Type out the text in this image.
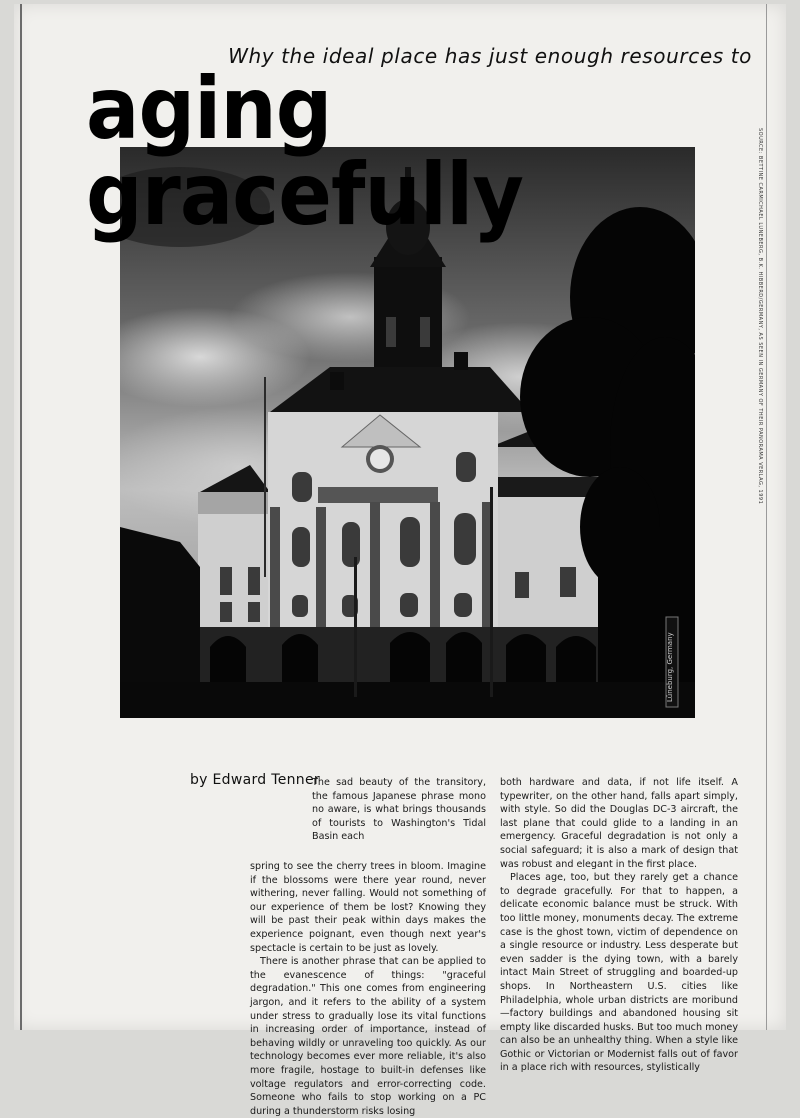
Why the ideal place has just enough resources to
aging gracefully	SOURCE: BETTINE CARMICHAEL LUNEBERG, B.K. HIBBERD/GERMANY, AS SEEN IN GERMANY OF THEIR PANORAMA VERLAG, 1991
Lüneburg, Germany
by Edward Tenner

The sad beauty of the transitory, the famous Japanese phrase mono no aware, is what brings thousands of tourists to Washington's Tidal Basin each

spring to see the cherry trees in bloom. Imagine if the blossoms were there year round, never withering, never falling. Would not something of our experience of them be lost? Knowing they will be past their peak within days makes the experience poignant, even though next year's spectacle is certain to be just as lovely.

There is another phrase that can be applied to the evanescence of things: "graceful degradation." This one comes from engineering jargon, and it refers to the ability of a system under stress to gradually lose its vital functions in increasing order of importance, instead of behaving wildly or unraveling too quickly. As our technology becomes ever more reliable, it's also more fragile, hostage to built-in defenses like voltage regulators and error-correcting code. Someone who fails to stop working on a PC during a thunderstorm risks losing

both hardware and data, if not life itself. A typewriter, on the other hand, falls apart simply, with style. So did the Douglas DC-3 aircraft, the last plane that could glide to a landing in an emergency. Graceful degradation is not only a social safeguard; it is also a mark of design that was robust and elegant in the first place.

Places age, too, but they rarely get a chance to degrade gracefully. For that to happen, a delicate economic balance must be struck. With too little money, monuments decay. The extreme case is the ghost town, victim of dependence on a single resource or industry. Less desperate but even sadder is the dying town, with a barely intact Main Street of struggling and boarded-up shops. In Northeastern U.S. cities like Philadelphia, whole urban districts are moribund—factory buildings and abandoned housing sit empty like discarded husks. But too much money can also be an unhealthy thing. When a style like Gothic or Victorian or Modernist falls out of favor in a place rich with resources, stylistically
